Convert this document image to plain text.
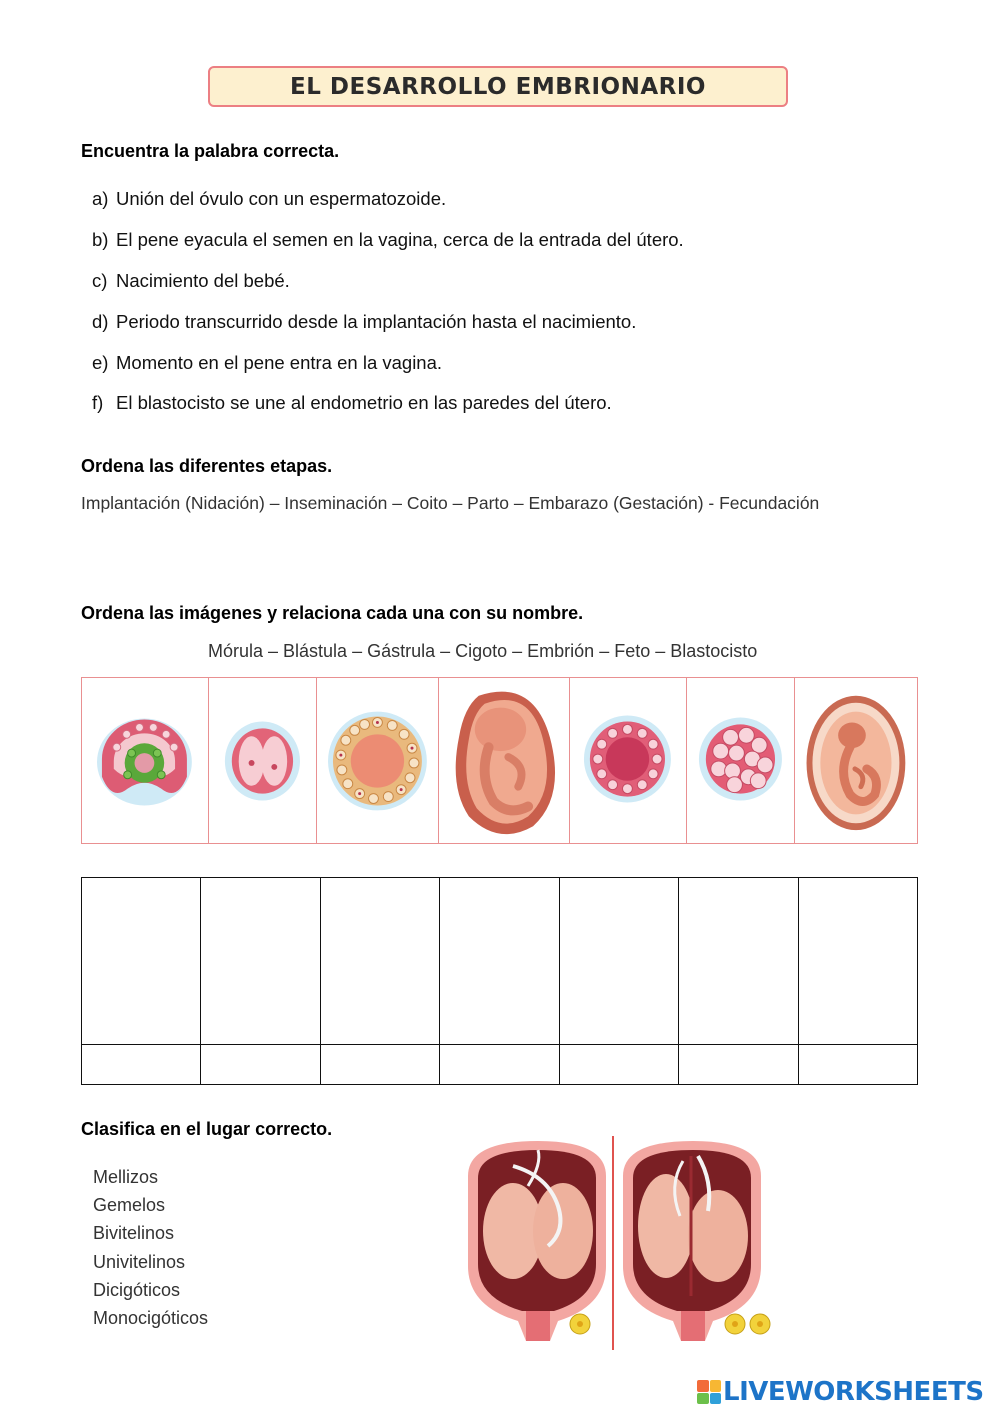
EL DESARROLLO EMBRIONARIO
Encuentra la palabra correcta.
a) Unión del óvulo con un espermatozoide.
b) El pene eyacula el semen en la vagina, cerca de la entrada del útero.
c) Nacimiento del bebé.
d) Periodo transcurrido desde la implantación hasta el nacimiento.
e) Momento en el pene entra en la vagina.
f) El blastocisto se une al endometrio en las paredes del útero.
Ordena las diferentes etapas.
Implantación (Nidación) – Inseminación – Coito – Parto – Embarazo (Gestación) - Fecundación
Ordena las imágenes y relaciona cada una con su nombre.
Mórula – Blástula – Gástrula – Cigoto – Embrión – Feto – Blastocisto

Clasifica en el lugar correcto.
Mellizos
Gemelos
Bivitelinos
Univitelinos
Dicigóticos
Monocigóticos
LIVEWORKSHEETS
